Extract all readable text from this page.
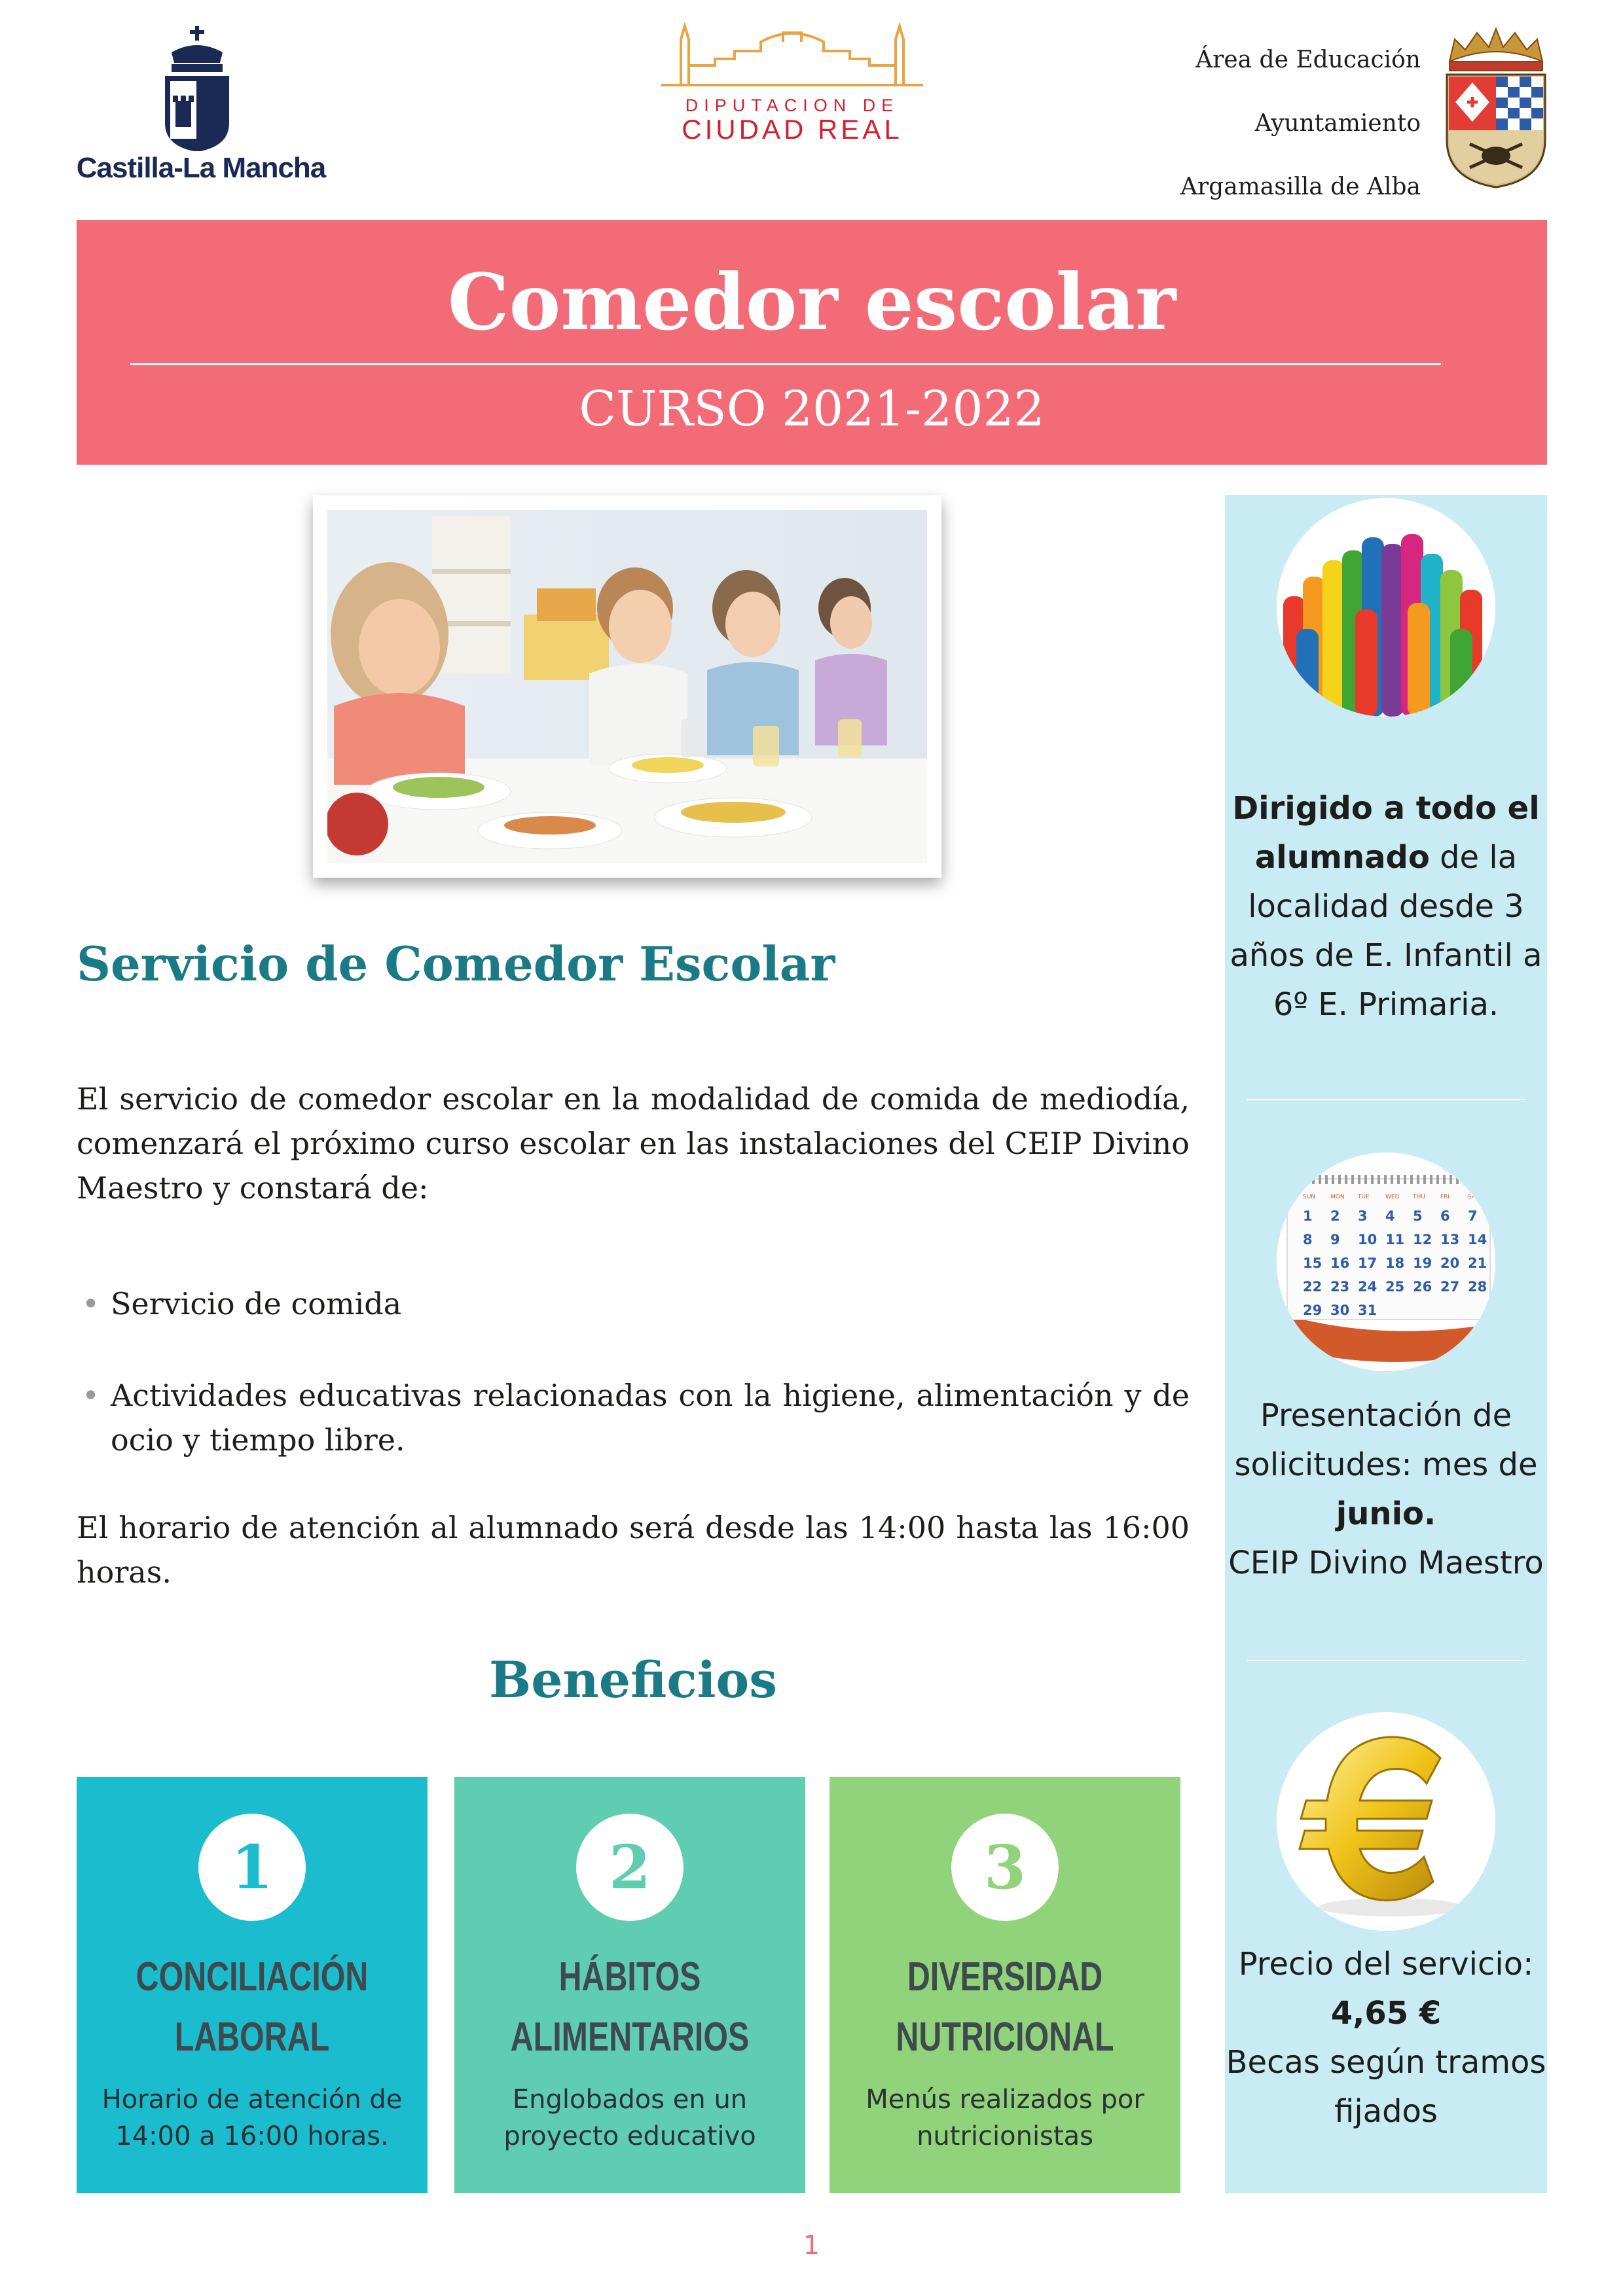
Castilla-La Mancha
DIPUTACION DE
CIUDAD REAL
Área de Educación
Ayuntamiento
Argamasilla de Alba
Comedor escolar
CURSO 2021-2022
Servicio de Comedor Escolar
El servicio de comedor escolar en la modalidad de comida de mediodía, comenzará el próximo curso escolar en las instalaciones del CEIP Divino Maestro y constará de:
• Servicio de comida
• Actividades educativas relacionadas con la higiene, alimentación y de ocio y tiempo libre.
El horario de atención al alumnado será desde las 14:00 hasta las 16:00 horas.
Beneficios
1
CONCILIACIÓN
LABORAL
Horario de atención de 14:00 a 16:00 horas.
2
HÁBITOS
ALIMENTARIOS
Englobados en un proyecto educativo
3
DIVERSIDAD
NUTRICIONAL
Menús realizados por nutricionistas
Dirigido a todo el alumnado de la localidad desde 3 años de E. Infantil a 6º E. Primaria.
SUN	MON TUE	WED THU	FRI	SAT
1 2 3 4 5 6 7
8 9 10 11 12 13 14
15 16 17 18 19 20 21
22 23 24 25 26 27 28
29 30 31
Presentación de solicitudes: mes de junio.
CEIP Divino Maestro
Precio del servicio: 4,65 €
Becas según tramos fijados
1
